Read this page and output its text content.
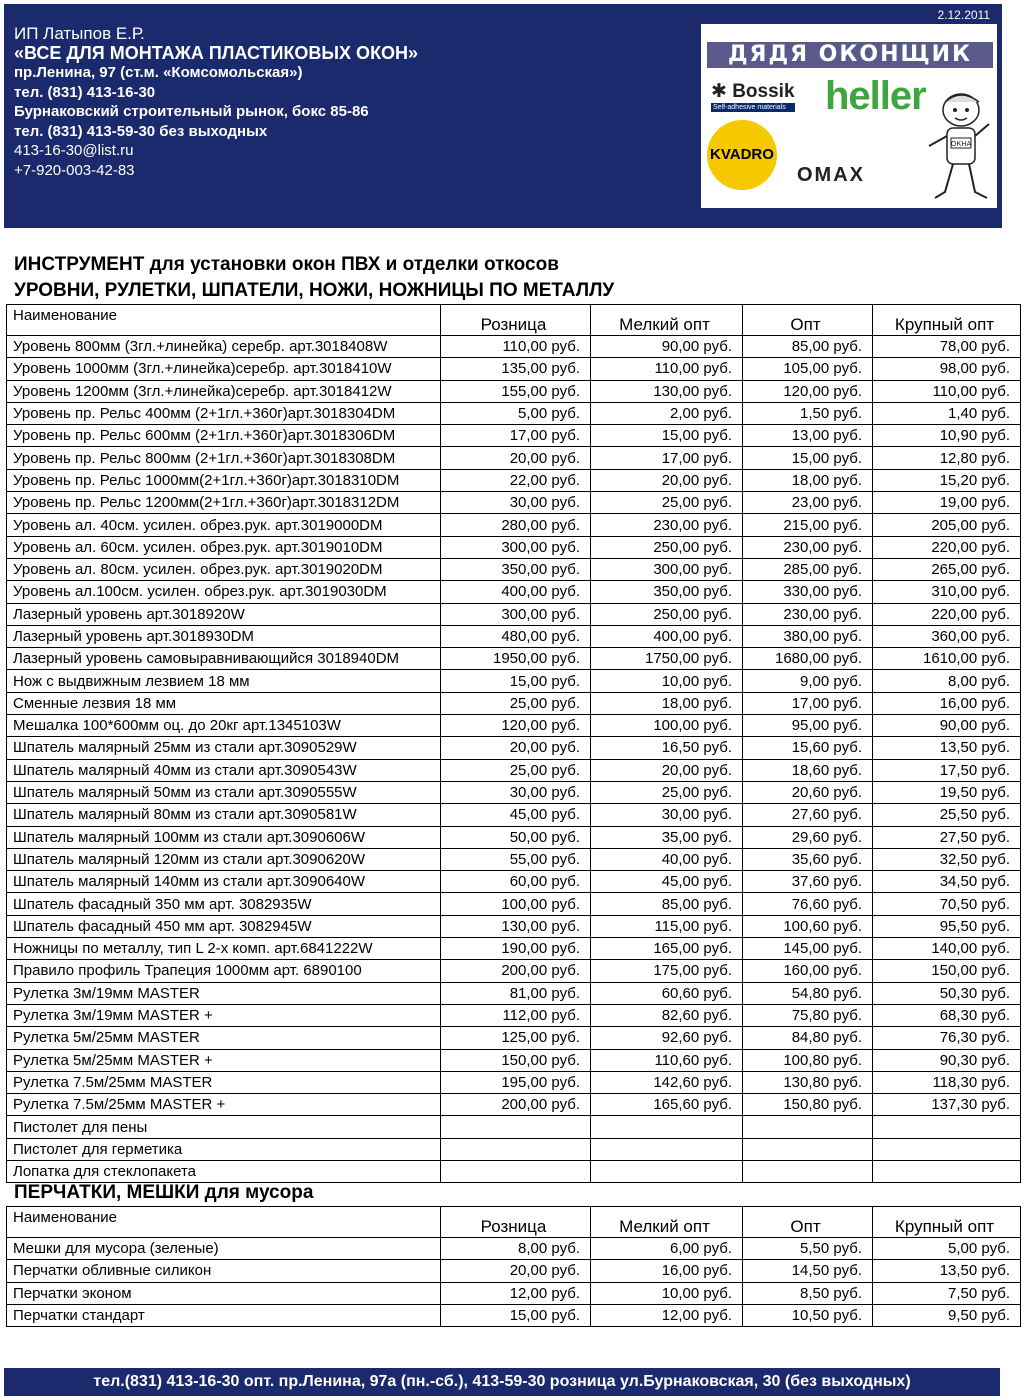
2.12.2011
ИП Латыпов Е.Р.
«ВСЕ ДЛЯ МОНТАЖА ПЛАСТИКОВЫХ ОКОН»
пр.Ленина, 97 (ст.м. «Комсомольская»)
тел. (831) 413-16-30
Бурнаковский строительный рынок, бокс 85-86
тел. (831) 413-59-30 без выходных
413-16-30@list.ru
+7-920-003-42-83
ДЯДЯ ОКОНЩИК
✱ Bossik
Self-adhesive materials heller
KVADRO
OMAX
ОКНА
ИНСТРУМЕНТ для установки окон ПВХ и отделки откосов
УРОВНИ, РУЛЕТКИ, ШПАТЕЛИ, НОЖИ, НОЖНИЦЫ ПО МЕТАЛЛУ
Наименование	Розница	Мелкий опт	Опт	Крупный опт
Уровень 800мм (3гл.+линейка) серебр. арт.3018408W	110,00 руб.	90,00 руб.	85,00 руб.	78,00 руб.
Уровень 1000мм (3гл.+линейка)серебр. арт.3018410W	135,00 руб.	110,00 руб.	105,00 руб.	98,00 руб.
Уровень 1200мм (3гл.+линейка)серебр. арт.3018412W	155,00 руб.	130,00 руб.	120,00 руб.	110,00 руб.
Уровень пр. Рельс 400мм (2+1гл.+360г)арт.3018304DM	5,00 руб.	2,00 руб.	1,50 руб.	1,40 руб.
Уровень пр. Рельс 600мм (2+1гл.+360г)арт.3018306DM	17,00 руб.	15,00 руб.	13,00 руб.	10,90 руб.
Уровень пр. Рельс 800мм (2+1гл.+360г)арт.3018308DM	20,00 руб.	17,00 руб.	15,00 руб.	12,80 руб.
Уровень пр. Рельс 1000мм(2+1гл.+360г)арт.3018310DM	22,00 руб.	20,00 руб.	18,00 руб.	15,20 руб.
Уровень пр. Рельс 1200мм(2+1гл.+360г)арт.3018312DM	30,00 руб.	25,00 руб.	23,00 руб.	19,00 руб.
Уровень ал. 40см. усилен. обрез.рук. арт.3019000DM	280,00 руб.	230,00 руб.	215,00 руб.	205,00 руб.
Уровень ал. 60см. усилен. обрез.рук. арт.3019010DM	300,00 руб.	250,00 руб.	230,00 руб.	220,00 руб.
Уровень ал. 80см. усилен. обрез.рук. арт.3019020DM	350,00 руб.	300,00 руб.	285,00 руб.	265,00 руб.
Уровень ал.100см. усилен. обрез.рук. арт.3019030DM	400,00 руб.	350,00 руб.	330,00 руб.	310,00 руб.
Лазерный уровень арт.3018920W	300,00 руб.	250,00 руб.	230,00 руб.	220,00 руб.
Лазерный уровень арт.3018930DM	480,00 руб.	400,00 руб.	380,00 руб.	360,00 руб.
Лазерный уровень самовыравнивающийся 3018940DM	1950,00 руб.	1750,00 руб.	1680,00 руб.	1610,00 руб.
Нож с выдвижным лезвием 18 мм	15,00 руб.	10,00 руб.	9,00 руб.	8,00 руб.
Сменные лезвия 18 мм	25,00 руб.	18,00 руб.	17,00 руб.	16,00 руб.
Мешалка 100*600мм оц. до 20кг арт.1345103W	120,00 руб.	100,00 руб.	95,00 руб.	90,00 руб.
Шпатель малярный 25мм из стали арт.3090529W	20,00 руб.	16,50 руб.	15,60 руб.	13,50 руб.
Шпатель малярный 40мм из стали арт.3090543W	25,00 руб.	20,00 руб.	18,60 руб.	17,50 руб.
Шпатель малярный 50мм из стали арт.3090555W	30,00 руб.	25,00 руб.	20,60 руб.	19,50 руб.
Шпатель малярный 80мм из стали арт.3090581W	45,00 руб.	30,00 руб.	27,60 руб.	25,50 руб.
Шпатель малярный 100мм из стали арт.3090606W	50,00 руб.	35,00 руб.	29,60 руб.	27,50 руб.
Шпатель малярный 120мм из стали арт.3090620W	55,00 руб.	40,00 руб.	35,60 руб.	32,50 руб.
Шпатель малярный 140мм из стали арт.3090640W	60,00 руб.	45,00 руб.	37,60 руб.	34,50 руб.
Шпатель фасадный 350 мм арт. 3082935W	100,00 руб.	85,00 руб.	76,60 руб.	70,50 руб.
Шпатель фасадный 450 мм арт. 3082945W	130,00 руб.	115,00 руб.	100,60 руб.	95,50 руб.
Ножницы по металлу, тип L 2-х комп. арт.6841222W	190,00 руб.	165,00 руб.	145,00 руб.	140,00 руб.
Правило профиль Трапеция 1000мм арт. 6890100	200,00 руб.	175,00 руб.	160,00 руб.	150,00 руб.
Рулетка 3м/19мм MASTER	81,00 руб.	60,60 руб.	54,80 руб.	50,30 руб.
Рулетка 3м/19мм MASTER +	112,00 руб.	82,60 руб.	75,80 руб.	68,30 руб.
Рулетка 5м/25мм MASTER	125,00 руб.	92,60 руб.	84,80 руб.	76,30 руб.
Рулетка 5м/25мм MASTER +	150,00 руб.	110,60 руб.	100,80 руб.	90,30 руб.
Рулетка 7.5м/25мм MASTER	195,00 руб.	142,60 руб.	130,80 руб.	118,30 руб.
Рулетка 7.5м/25мм MASTER +	200,00 руб.	165,60 руб.	150,80 руб.	137,30 руб.
Пистолет для пены				
Пистолет для герметика				
Лопатка для стеклопакета				
ПЕРЧАТКИ, МЕШКИ для мусора
Наименование	Розница	Мелкий опт	Опт	Крупный опт
Мешки для мусора (зеленые)	8,00 руб.	6,00 руб.	5,50 руб.	5,00 руб.
Перчатки обливные силикон	20,00 руб.	16,00 руб.	14,50 руб.	13,50 руб.
Перчатки эконом	12,00 руб.	10,00 руб.	8,50 руб.	7,50 руб.
Перчатки стандарт	15,00 руб.	12,00 руб.	10,50 руб.	9,50 руб.
тел.(831) 413-16-30 опт. пр.Ленина, 97а (пн.-сб.), 413-59-30 розница ул.Бурнаковская, 30 (без выходных)
